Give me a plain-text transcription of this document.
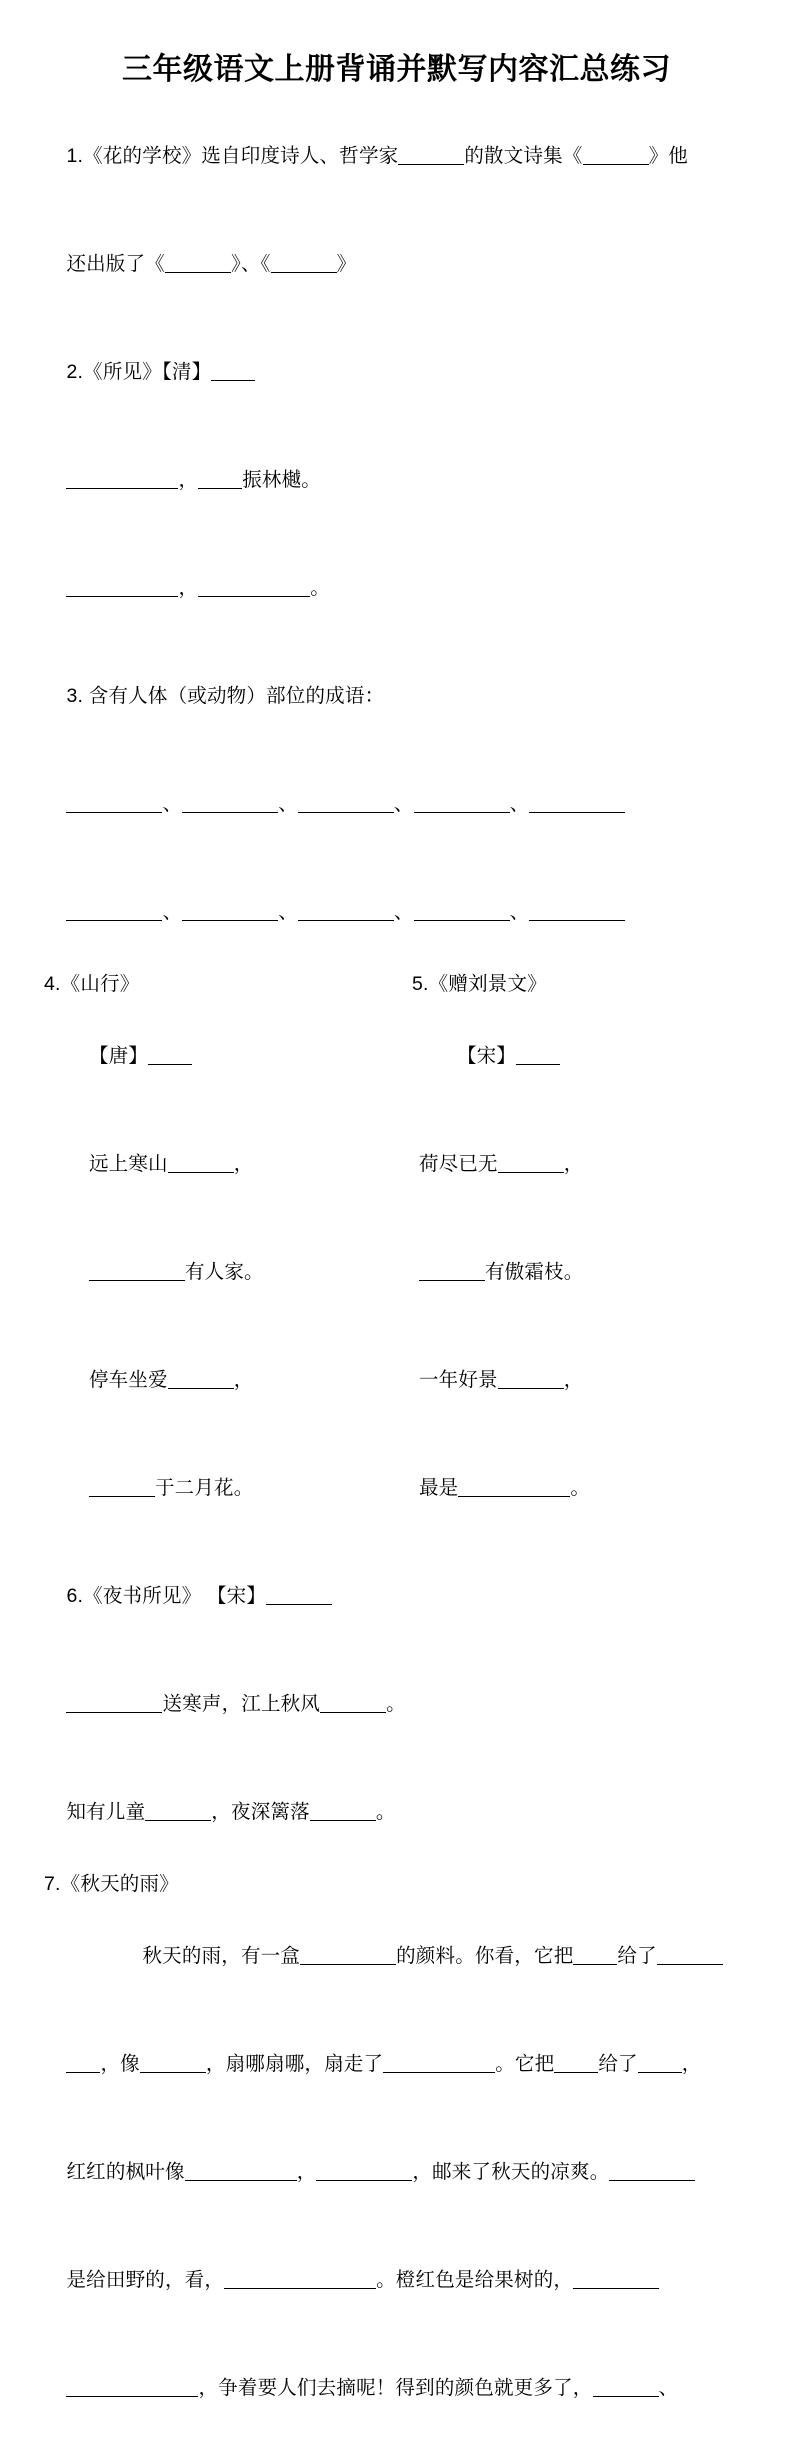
三年级语文上册背诵并默写内容汇总练习

1.《花的学校》选自印度诗人、哲学家	的散文诗集《	》他

还出版了《	》、《	》

2.《所见》【清】

， 振林樾。

，	。

3. 含有人体（或动物）部位的成语：

、	、	、	、

、	、	、	、

4.《山行》

【唐】

远上寒山	，

有人家。

停车坐爱	，

于二月花。

5.《赠刘景文》

【宋】

荷尽已无	，

有傲霜枝。

一年好景	，

最是	。

6.《夜书所见》 【宋】

送寒声，江上秋风	。

知有儿童	，夜深篱落	。

7.《秋天的雨》

秋天的雨，有一盒	的颜料。你看，它把 给了

，像	，扇哪扇哪，扇走了	。它把 给了 ，

红红的枫叶像	，	，邮来了秋天的凉爽。

是给田野的，看，	。橙红色是给果树的，

，争着要人们去摘呢！得到的颜色就更多了，	、
